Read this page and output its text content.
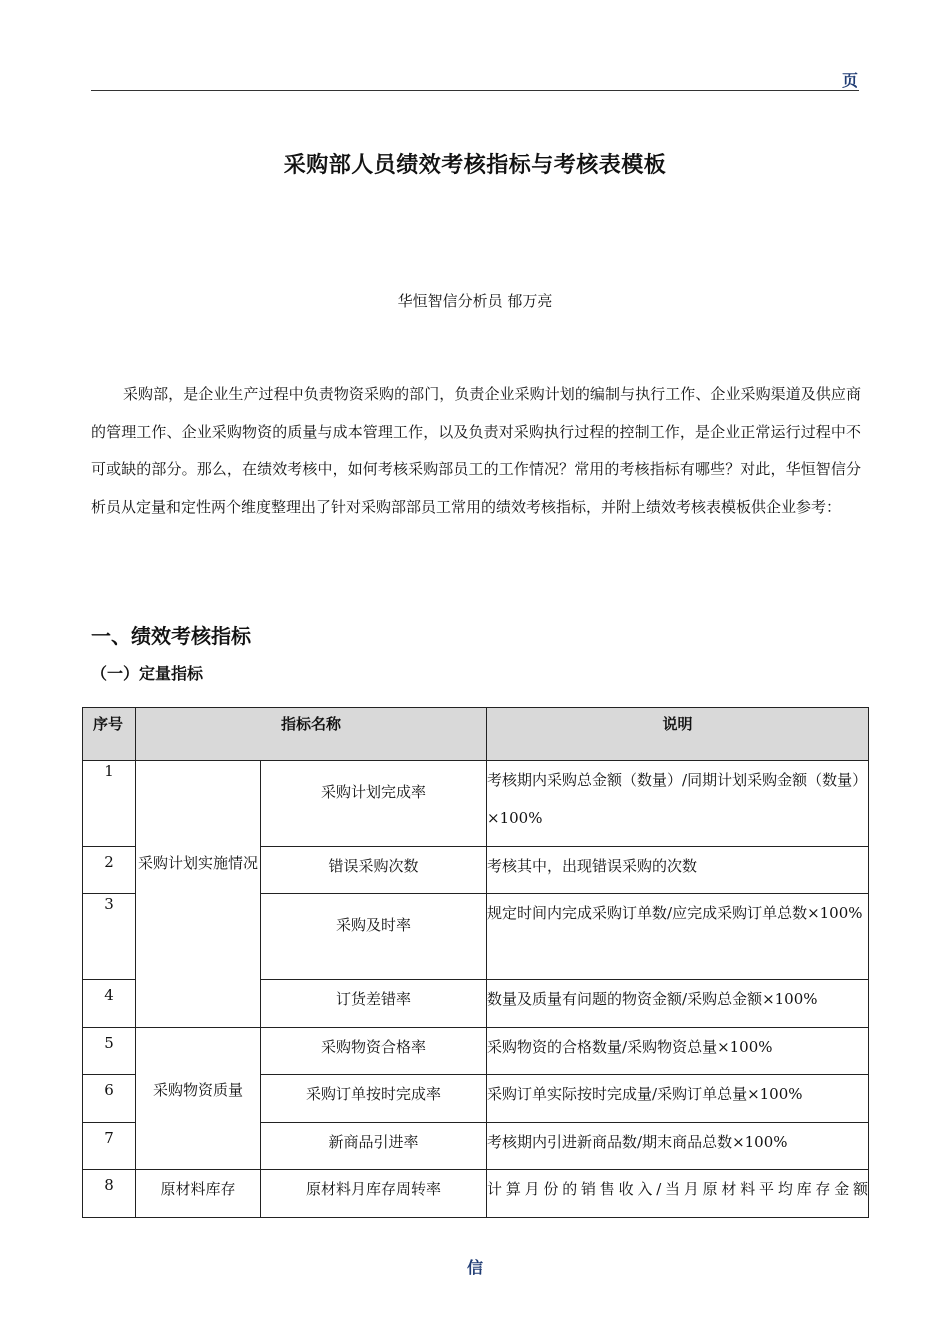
页
采购部人员绩效考核指标与考核表模板
华恒智信分析员 郁万亮

采购部，是企业生产过程中负责物资采购的部门，负责企业采购计划的编制与执行工作、企业采购渠道及供应商的管理工作、企业采购物资的质量与成本管理工作，以及负责对采购执行过程的控制工作，是企业正常运行过程中不可或缺的部分。那么，在绩效考核中，如何考核采购部员工的工作情况？常用的考核指标有哪些？对此，华恒智信分析员从定量和定性两个维度整理出了针对采购部部员工常用的绩效考核指标，并附上绩效考核表模板供企业参考：

一、绩效考核指标
（一）定量指标
序号	指标名称		说明
1	采购计划实施情况	采购计划完成率	考核期内采购总金额（数量）/同期计划采购金额（数量）×100%
2		错误采购次数	考核其中，出现错误采购的次数
3		采购及时率	规定时间内完成采购订单数/应完成采购订单总数×100%
4		订货差错率	数量及质量有问题的物资金额/采购总金额×100%
5	采购物资质量	采购物资合格率	采购物资的合格数量/采购物资总量×100%
6		采购订单按时完成率	采购订单实际按时完成量/采购订单总量×100%
7		新商品引进率	考核期内引进新商品数/期末商品总数×100%
8	原材料库存	原材料月库存周转率	计算月份的销售收入/当月原材料平均库存金额
信
